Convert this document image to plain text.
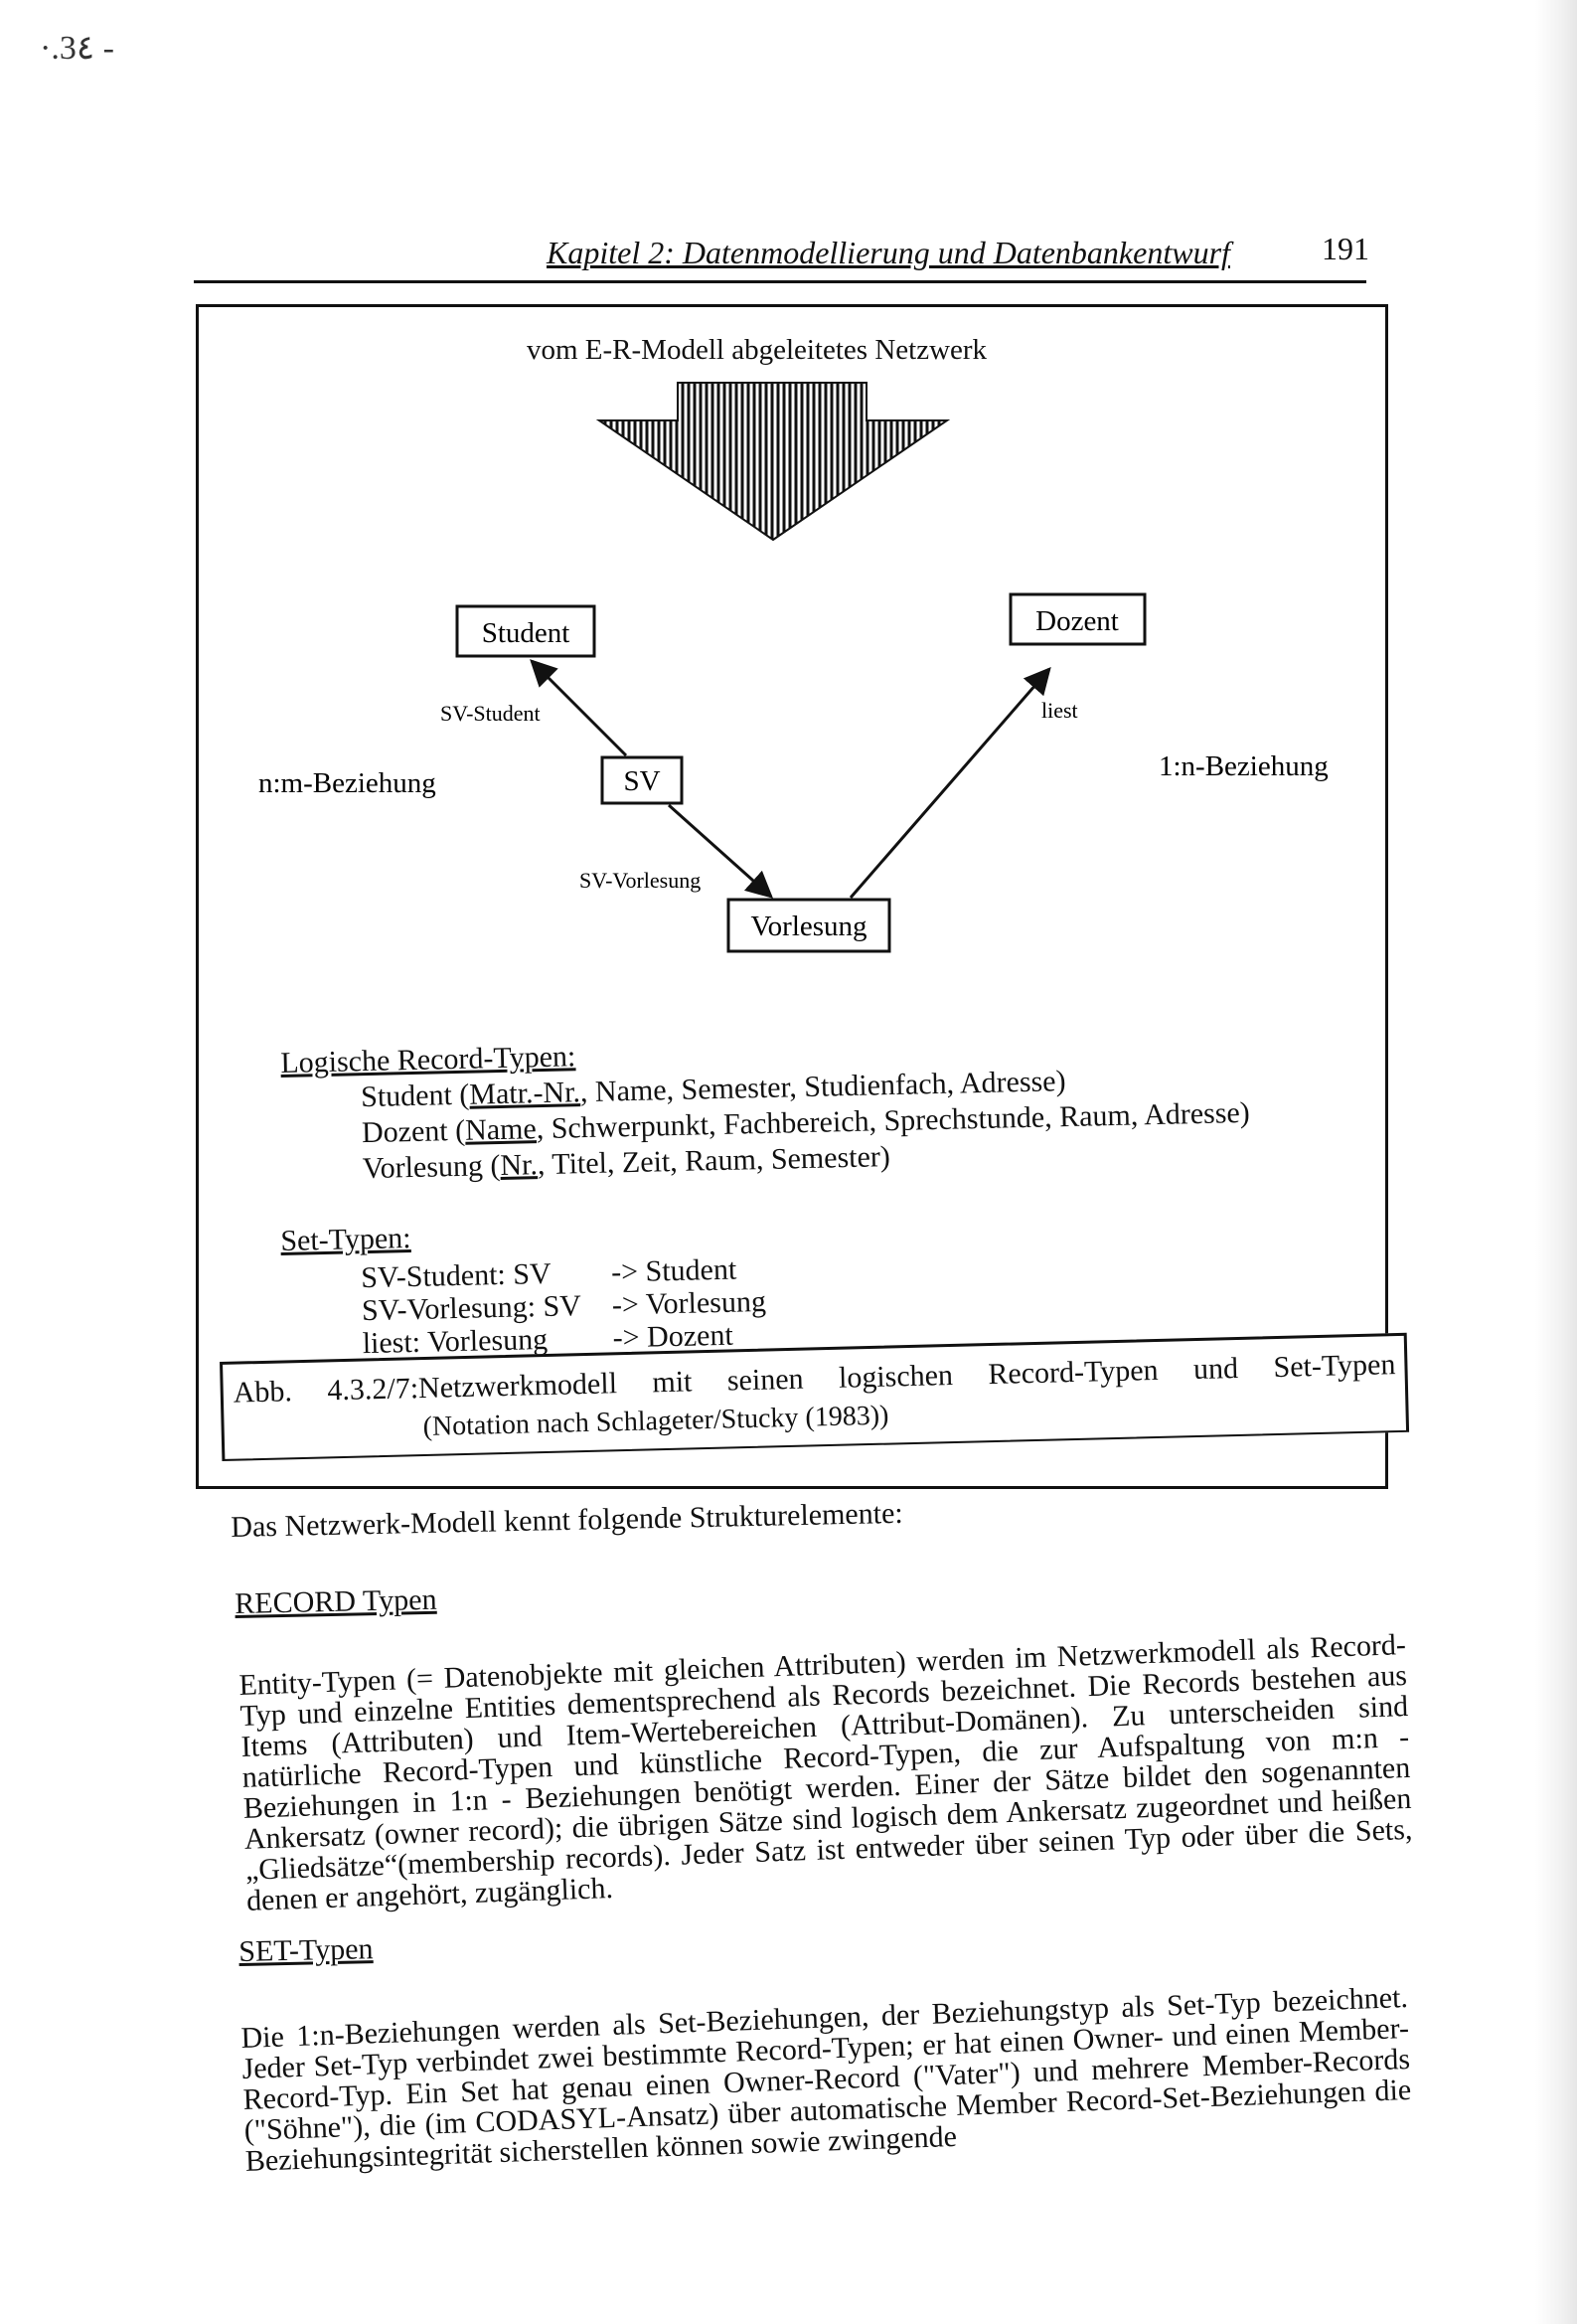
·.3٤ -
Kapitel 2: Datenmodellierung und Datenbankentwurf	191
vom E-R-Modell abgeleitetes Netzwerk
Student	Dozent
SV
Vorlesung
SV-Student
SV-Vorlesung
liest
n:m-Beziehung
1:n-Beziehung
Logische Record-Typen:
Student (Matr.-Nr., Name, Semester, Studienfach, Adresse)
Dozent (Name, Schwerpunkt, Fachbereich, Sprechstunde, Raum, Adresse)
Vorlesung (Nr., Titel, Zeit, Raum, Semester)
Set-Typen:
SV-Student: SV	-> Student
SV-Vorlesung: SV	-> Vorlesung
liest: Vorlesung	-> Dozent
Abb. 4.3.2/7:Netzwerkmodell mit seinen logischen Record-Typen und Set-Typen
(Notation nach Schlageter/Stucky (1983))
Das Netzwerk-Modell kennt folgende Strukturelemente:
RECORD Typen
Entity-Typen (= Datenobjekte mit gleichen Attributen) werden im Netzwerkmodell als Record-Typ und einzelne Entities dementsprechend als Records bezeichnet. Die Records bestehen aus Items (Attributen) und Item-Wertebereichen (Attribut-Domänen). Zu unterscheiden sind natürliche Record-Typen und künstliche Record-Typen, die zur Aufspaltung von m:n - Beziehungen in 1:n - Beziehungen benötigt werden. Einer der Sätze bildet den sogenannten Ankersatz (owner record); die übrigen Sätze sind logisch dem Ankersatz zugeordnet und heißen „Gliedsätze“(membership records). Jeder Satz ist entweder über seinen Typ oder über die Sets, denen er angehört, zugänglich.
SET-Typen
Die 1:n-Beziehungen werden als Set-Beziehungen, der Beziehungstyp als Set-Typ bezeichnet. Jeder Set-Typ verbindet zwei bestimmte Record-Typen; er hat einen Owner- und einen Member-Record-Typ. Ein Set hat genau einen Owner-Record ("Vater") und mehrere Member-Records ("Söhne"), die (im CODASYL-Ansatz) über automatische Member Record-Set-Beziehungen die Beziehungsintegrität sicherstellen können sowie zwingende
